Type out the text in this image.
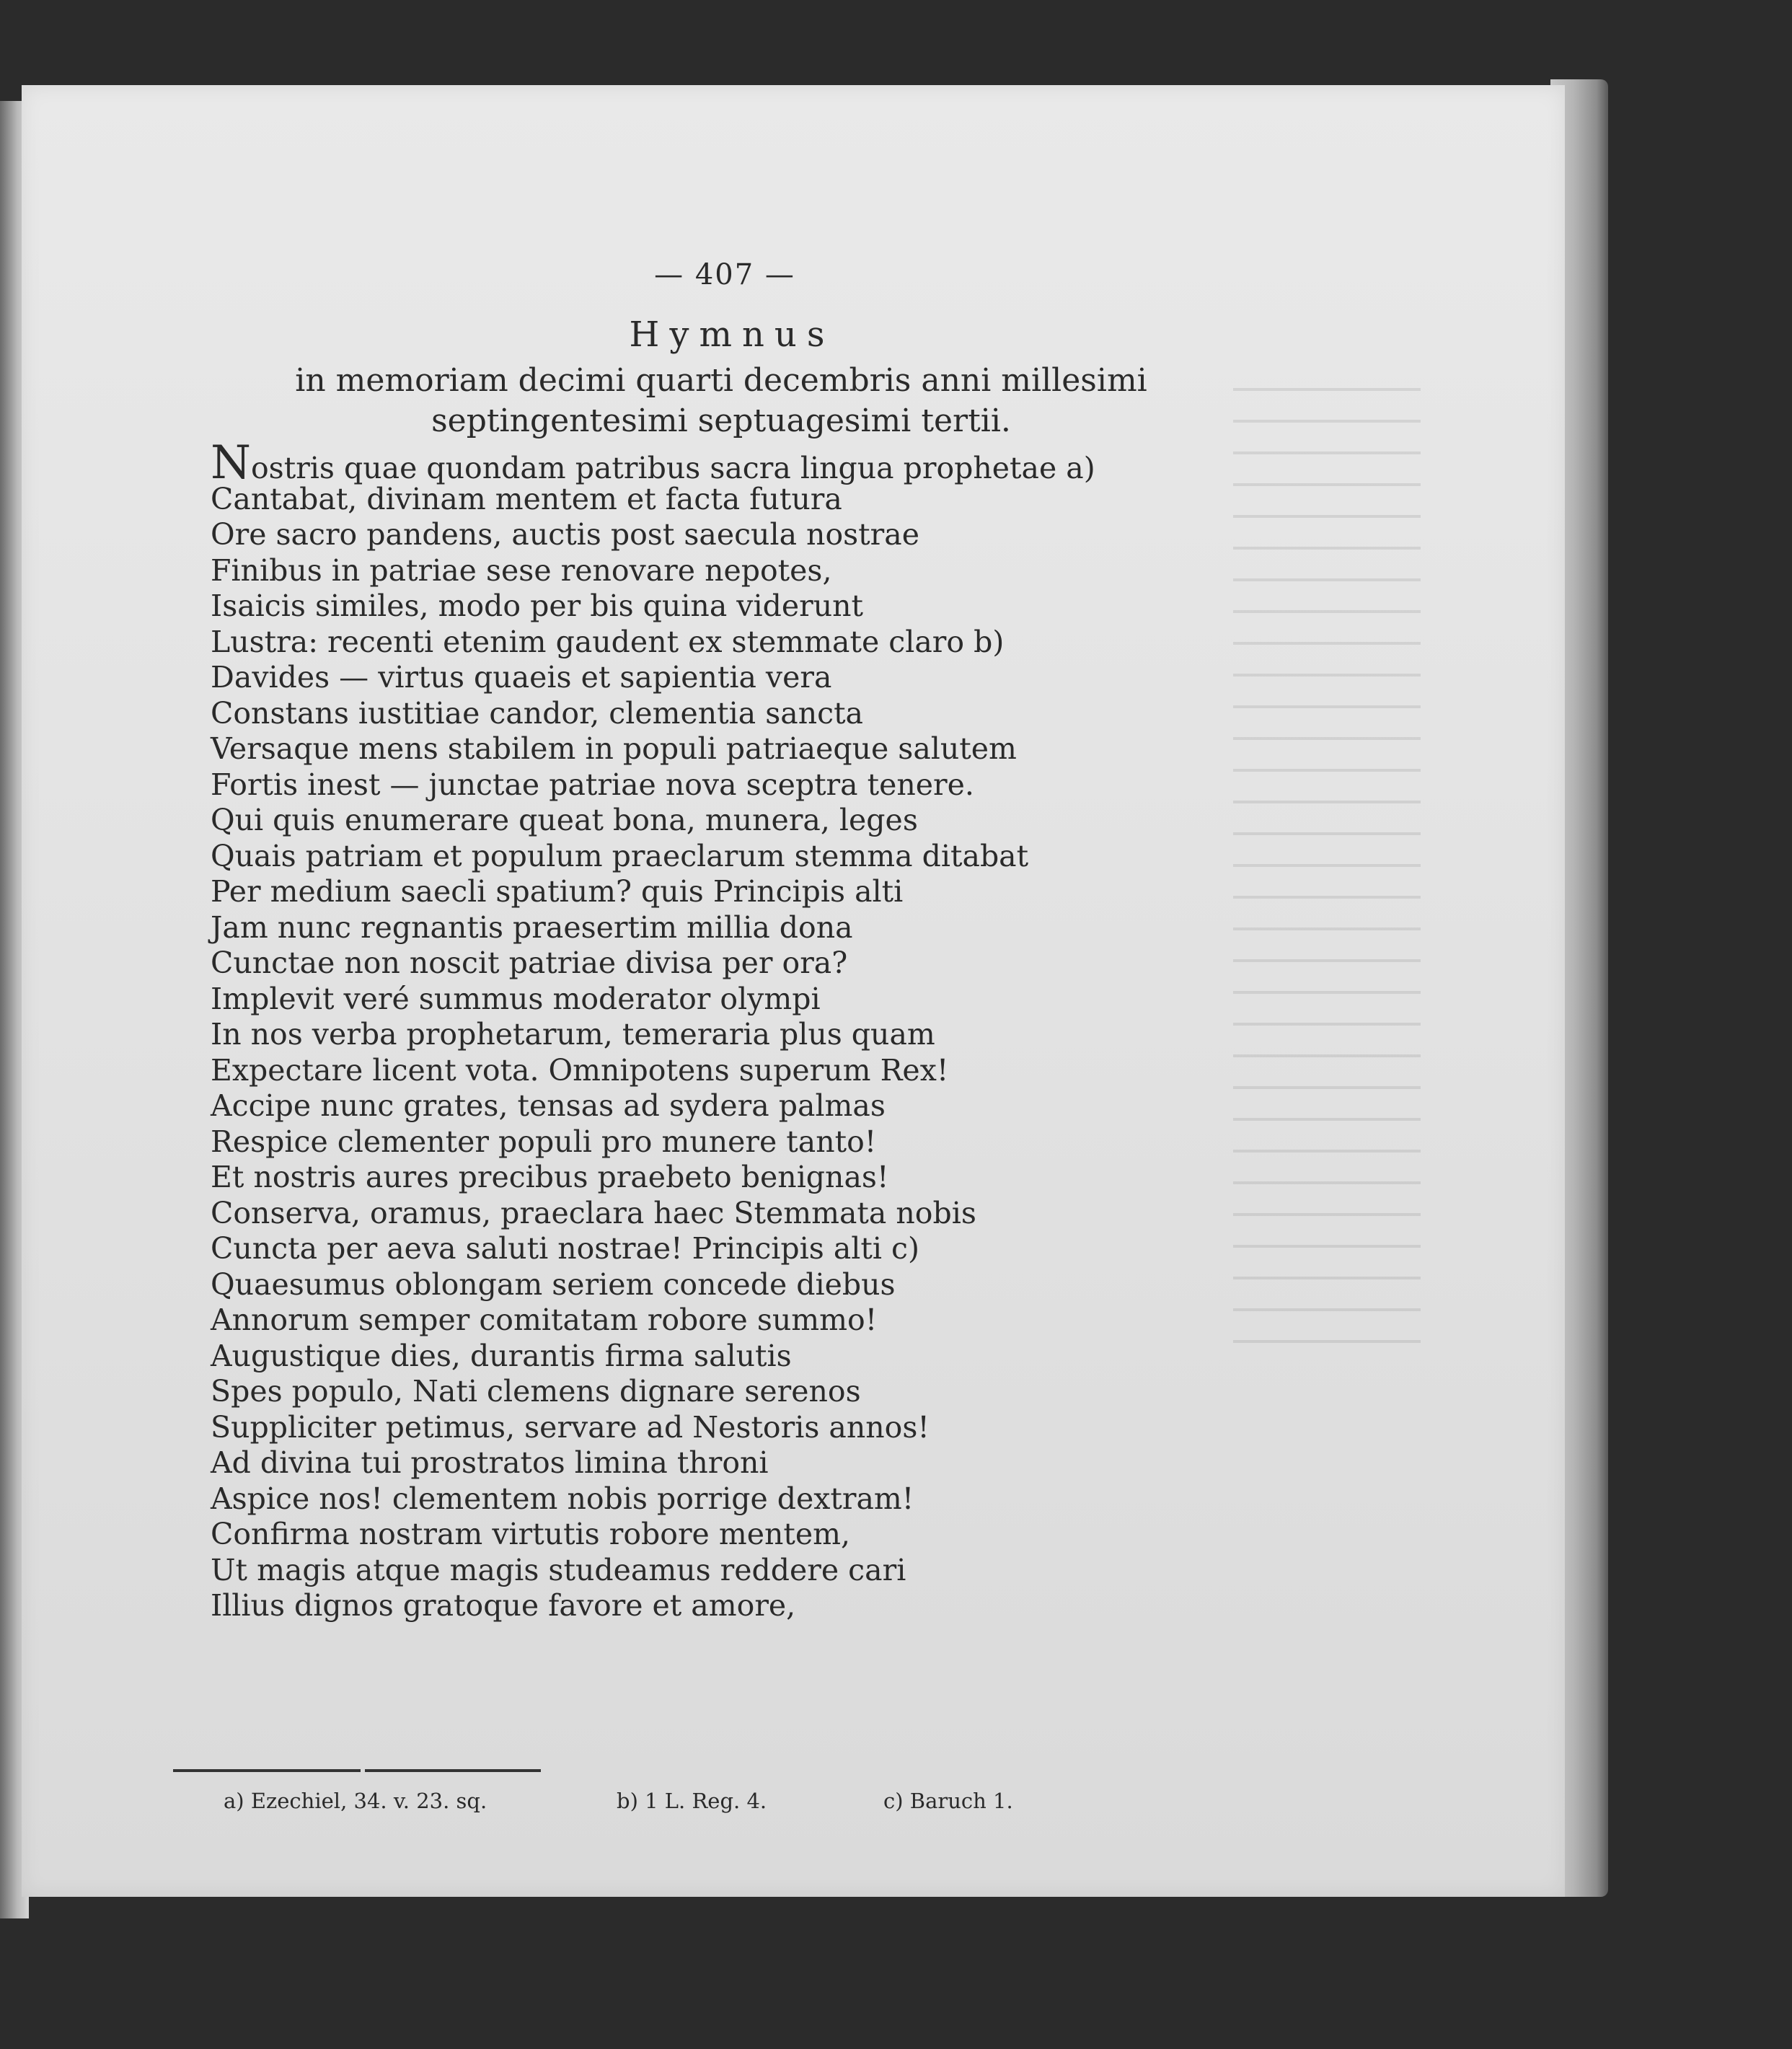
— 407 —
Hymnus
in memoriam decimi quarti decembris anni millesimi septingentesimi septuagesimi tertii.
Nostris quae quondam patribus sacra lingua prophetae a)
Cantabat, divinam mentem et facta futura
Ore sacro pandens, auctis post saecula nostrae
Finibus in patriae sese renovare nepotes,
Isaicis similes, modo per bis quina viderunt
Lustra: recenti etenim gaudent ex stemmate claro b)
Davides — virtus quaeis et sapientia vera
Constans iustitiae candor, clementia sancta
Versaque mens stabilem in populi patriaeque salutem
Fortis inest — junctae patriae nova sceptra tenere.
Qui quis enumerare queat bona, munera, leges
Quais patriam et populum praeclarum stemma ditabat
Per medium saecli spatium? quis Principis alti
Jam nunc regnantis praesertim millia dona
Cunctae non noscit patriae divisa per ora?
Implevit veré summus moderator olympi
In nos verba prophetarum, temeraria plus quam
Expectare licent vota. Omnipotens superum Rex!
Accipe nunc grates, tensas ad sydera palmas
Respice clementer populi pro munere tanto!
Et nostris aures precibus praebeto benignas!
Conserva, oramus, praeclara haec Stemmata nobis
Cuncta per aeva saluti nostrae! Principis alti c)
Quaesumus oblongam seriem concede diebus
Annorum semper comitatam robore summo!
Augustique dies, durantis firma salutis
Spes populo, Nati clemens dignare serenos
Suppliciter petimus, servare ad Nestoris annos!
Ad divina tui prostratos limina throni
Aspice nos! clementem nobis porrige dextram!
Confirma nostram virtutis robore mentem,
Ut magis atque magis studeamus reddere cari
Illius dignos gratoque favore et amore,
a) Ezechiel, 34. v. 23. sq.	b) 1 L. Reg. 4.	c) Baruch 1.
